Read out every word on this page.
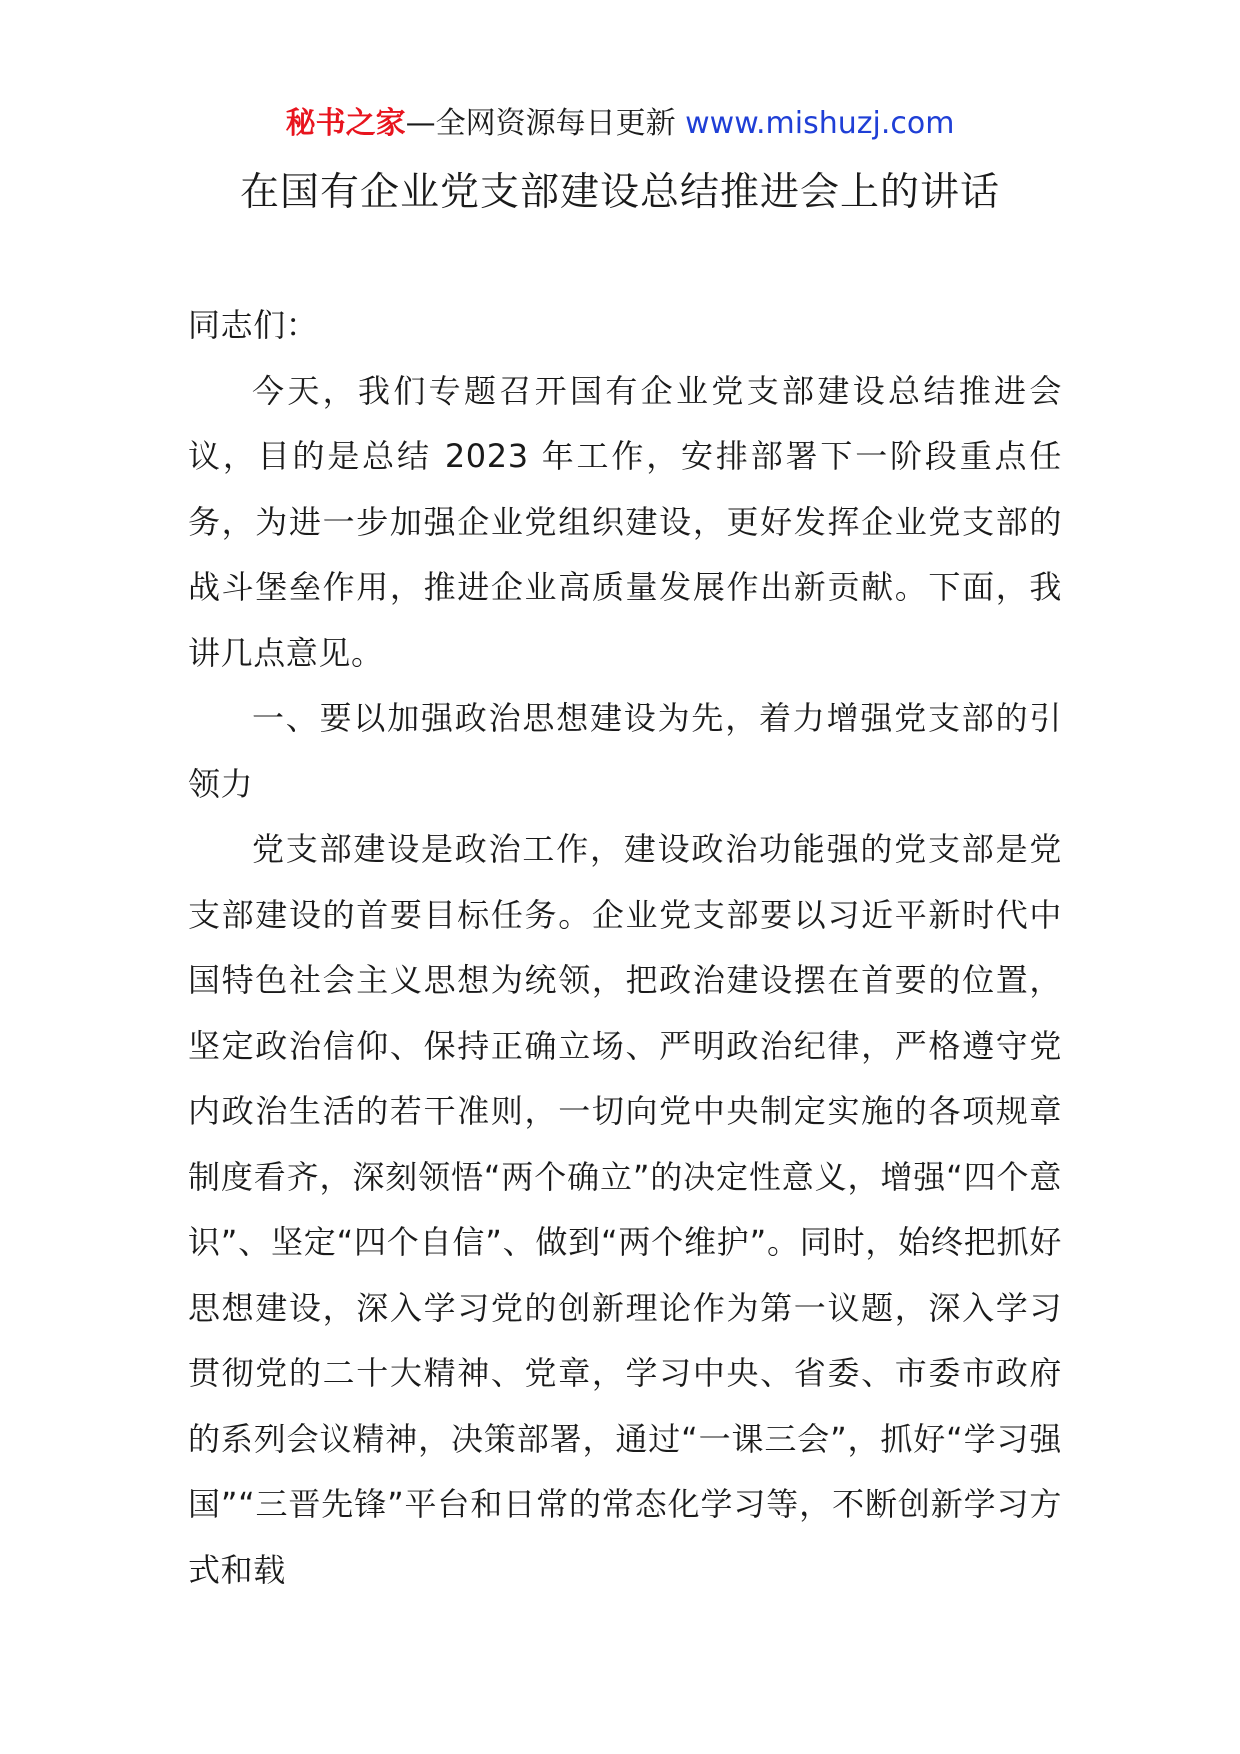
秘书之家—全网资源每日更新 www.mishuzj.com
在国有企业党支部建设总结推进会上的讲话

同志们：

今天，我们专题召开国有企业党支部建设总结推进会议，目的是总结 2023 年工作，安排部署下一阶段重点任务，为进一步加强企业党组织建设，更好发挥企业党支部的战斗堡垒作用，推进企业高质量发展作出新贡献。下面，我讲几点意见。

一、要以加强政治思想建设为先，着力增强党支部的引领力

党支部建设是政治工作，建设政治功能强的党支部是党支部建设的首要目标任务。企业党支部要以习近平新时代中国特色社会主义思想为统领，把政治建设摆在首要的位置，坚定政治信仰、保持正确立场、严明政治纪律，严格遵守党内政治生活的若干准则，一切向党中央制定实施的各项规章制度看齐，深刻领悟“两个确立”的决定性意义，增强“四个意识”、坚定“四个自信”、做到“两个维护”。同时，始终把抓好思想建设，深入学习党的创新理论作为第一议题，深入学习贯彻党的二十大精神、党章，学习中央、省委、市委市政府的系列会议精神，决策部署，通过“一课三会”，抓好“学习强国”“三晋先锋”平台和日常的常态化学习等，不断创新学习方式和载
